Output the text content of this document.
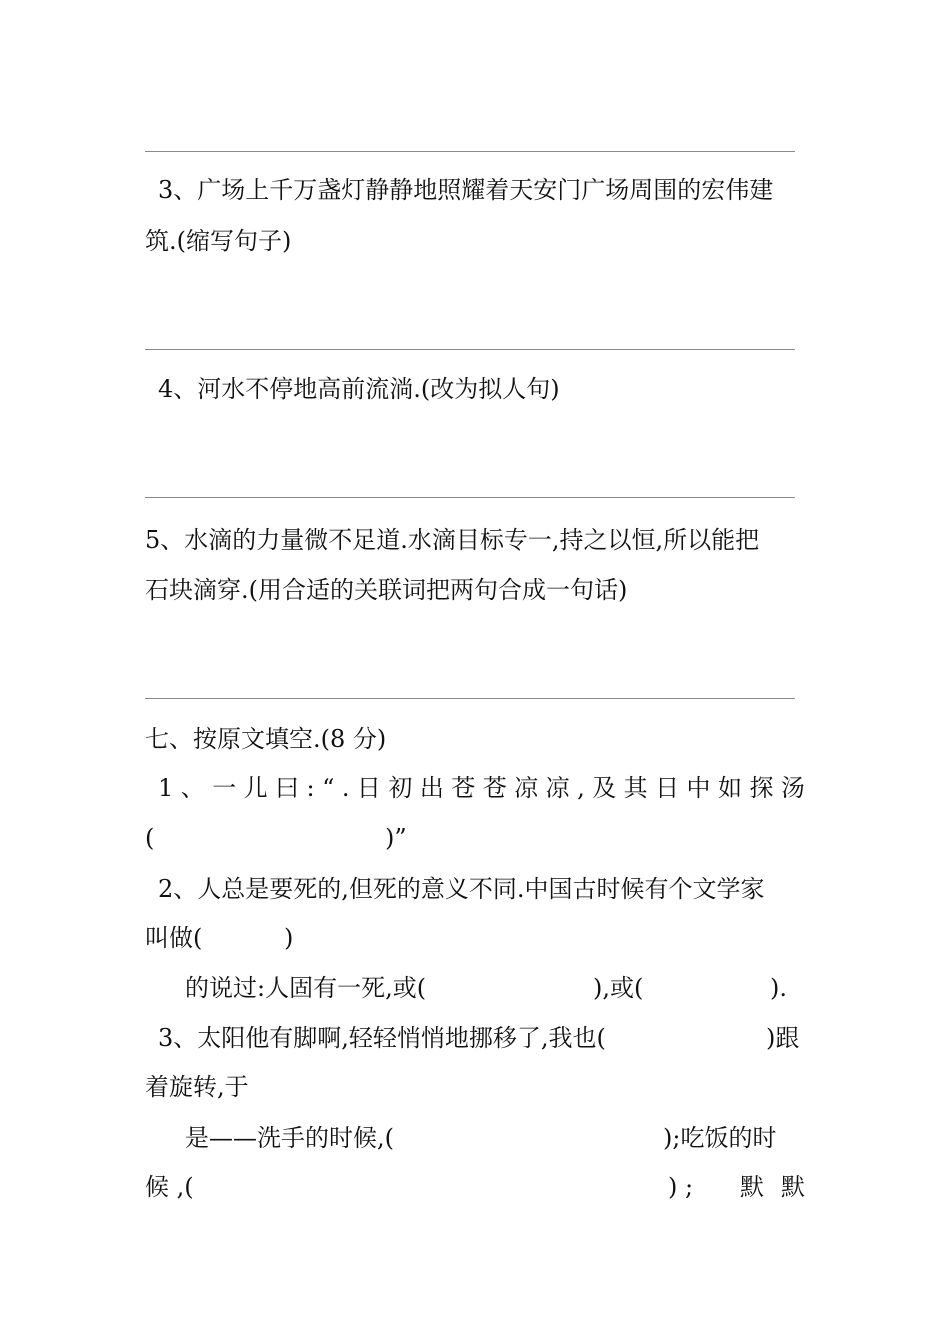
3、广场上千万盏灯静静地照耀着天安门广场周围的宏伟建
筑.(缩写句子)
4、河水不停地高前流淌.(改为拟人句)
5、水滴的力量微不足道.水滴目标专一,持之以恒,所以能把
石块滴穿.(用合适的关联词把两句合成一句话)
七、按原文填空.(8 分)
1 、 一 儿 曰 : “ . 日 初 出 苍 苍 凉 凉 , 及 其 日 中 如 探 汤
(	)”
2、人总是要死的,但死的意义不同.中国古时候有个文学家
叫做(	)
的说过:人固有一死,或(	),或(	).
3、太阳他有脚啊,轻轻悄悄地挪移了,我也(	)跟
着旋转,于
是——洗手的时候,(	);吃饭的时
候 ,(	) ; 默 默
